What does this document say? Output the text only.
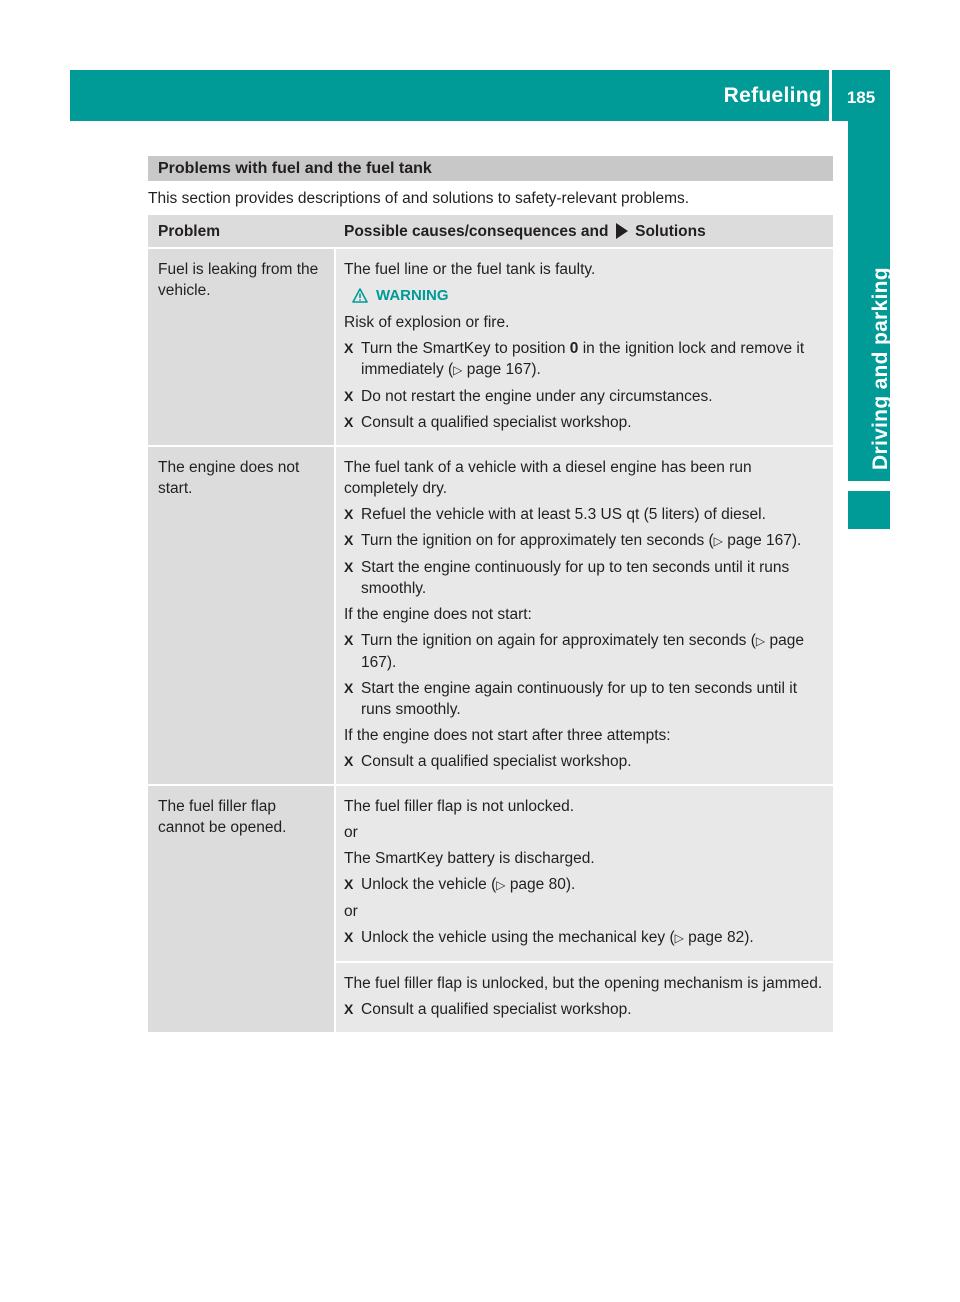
Refueling	185
Driving and parking
Problems with fuel and the fuel tank
This section provides descriptions of and solutions to safety-relevant problems.
Problem	Possible causes/consequences and Solutions
Fuel is leaking from the vehicle.
The fuel line or the fuel tank is faulty.
WARNING
Risk of explosion or fire.
X Turn the SmartKey to position 0 in the ignition lock and remove it immediately (▷ page 167).
X Do not restart the engine under any circumstances.
X Consult a qualified specialist workshop.
The engine does not start.
The fuel tank of a vehicle with a diesel engine has been run completely dry.
X Refuel the vehicle with at least 5.3 US qt (5 liters) of diesel.
X Turn the ignition on for approximately ten seconds (▷ page 167).
X Start the engine continuously for up to ten seconds until it runs smoothly.
If the engine does not start:
X Turn the ignition on again for approximately ten seconds (▷ page 167).
X Start the engine again continuously for up to ten seconds until it runs smoothly.
If the engine does not start after three attempts:
X Consult a qualified specialist workshop.
The fuel filler flap cannot be opened.
The fuel filler flap is not unlocked.
or
The SmartKey battery is discharged.
X Unlock the vehicle (▷ page 80).
or
X Unlock the vehicle using the mechanical key (▷ page 82).
The fuel filler flap is unlocked, but the opening mechanism is jammed.
X Consult a qualified specialist workshop.
